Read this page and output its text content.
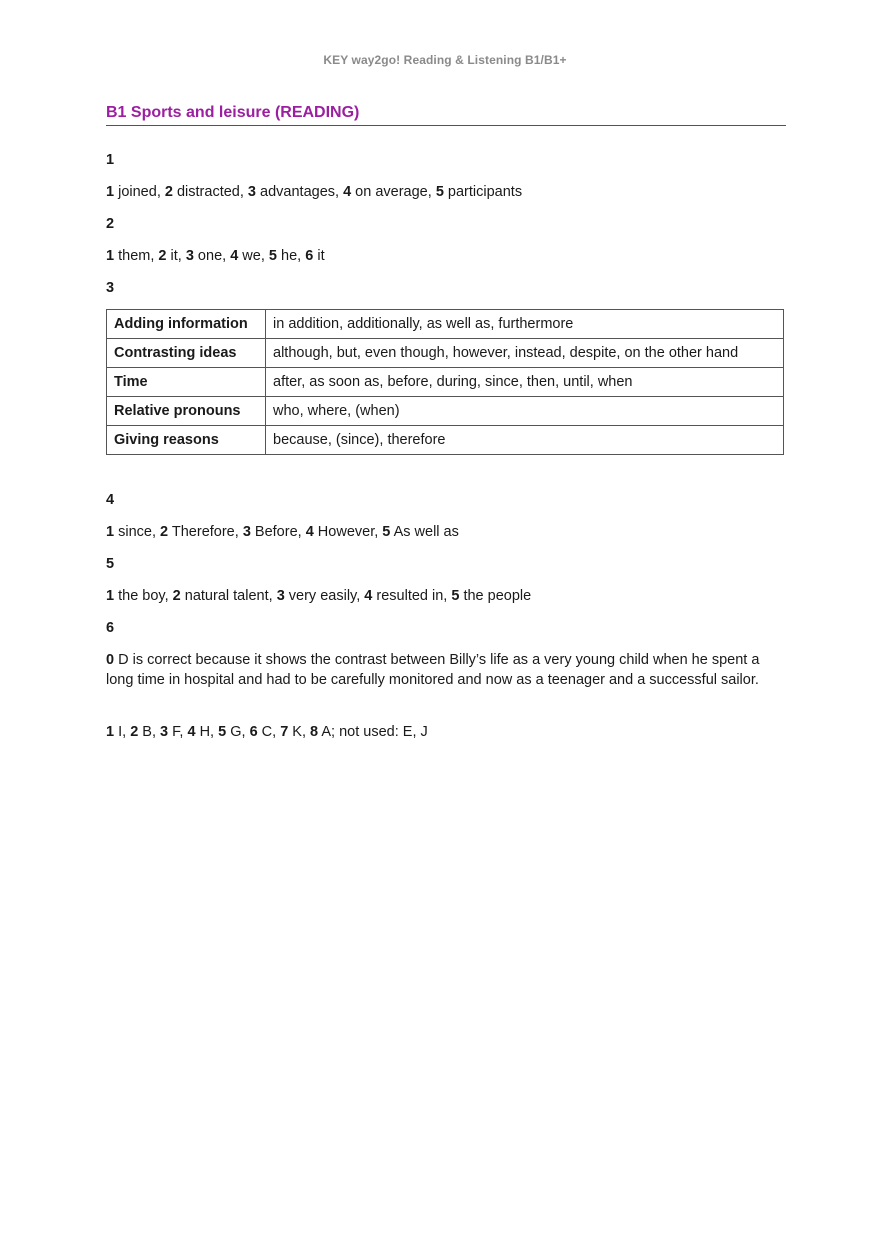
KEY way2go! Reading & Listening B1/B1+
B1 Sports and leisure (READING)
1
1 joined, 2 distracted, 3 advantages, 4 on average, 5 participants
2
1 them, 2 it, 3 one, 4 we, 5 he, 6 it
3
Adding information	in addition, additionally, as well as, furthermore
Contrasting ideas	although, but, even though, however, instead, despite, on the other hand
Time	after, as soon as, before, during, since, then, until, when
Relative pronouns	who, where, (when)
Giving reasons	because, (since), therefore
4
1 since, 2 Therefore, 3 Before, 4 However, 5 As well as
5
1 the boy, 2 natural talent, 3 very easily, 4 resulted in, 5 the people
6
0 D is correct because it shows the contrast between Billy’s life as a very young child when he spent a long time in hospital and had to be carefully monitored and now as a teenager and a successful sailor.
1 I, 2 B, 3 F, 4 H, 5 G, 6 C, 7 K, 8 A; not used: E, J
